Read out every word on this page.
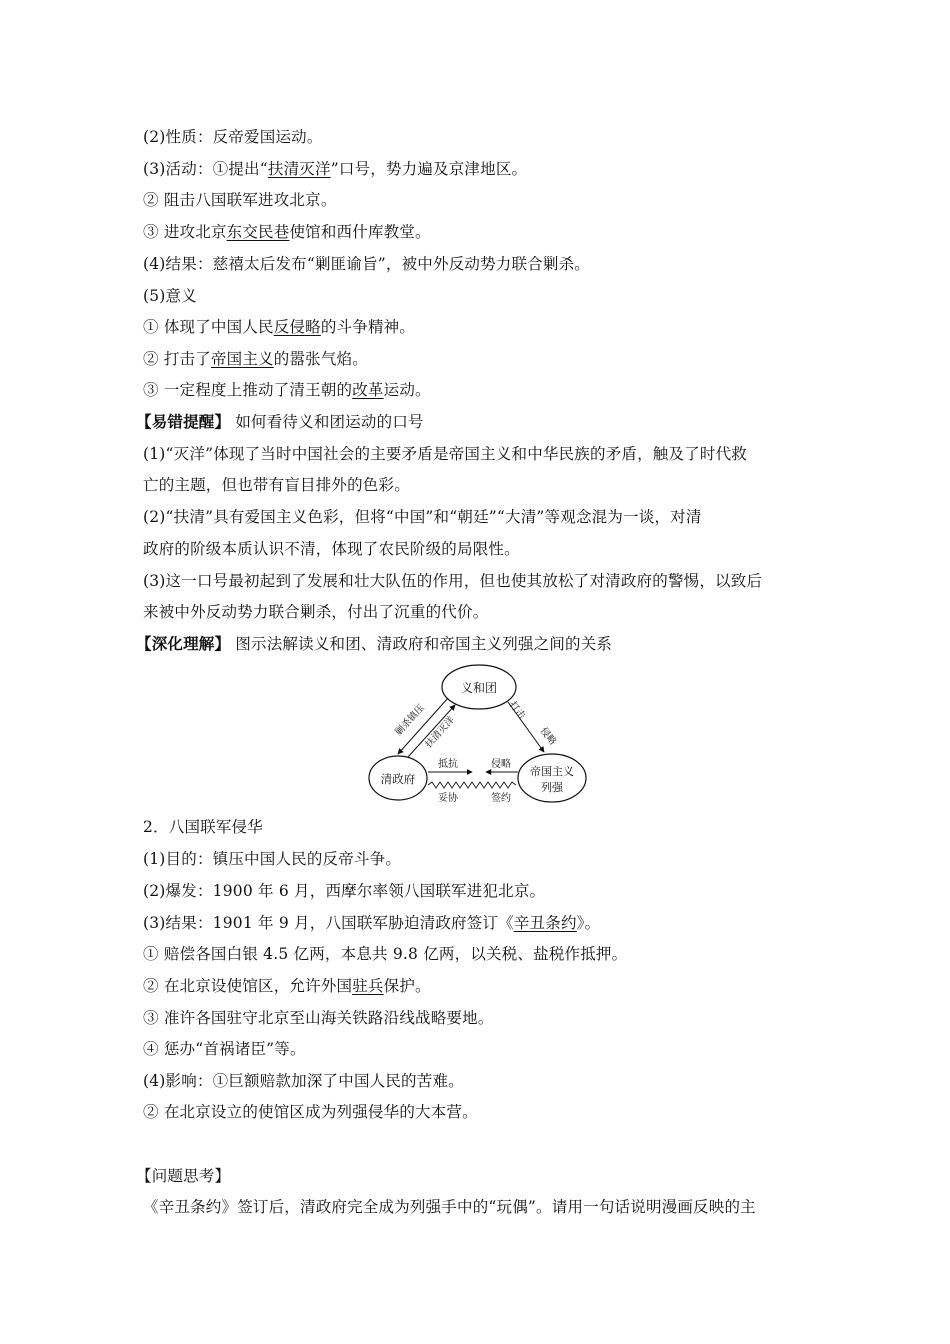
(2)性质：反帝爱国运动。
(3)活动：①提出“扶清灭洋”口号，势力遍及京津地区。
② 阻击八国联军进攻北京。
③ 进攻北京东交民巷使馆和西什库教堂。
(4)结果：慈禧太后发布“剿匪谕旨”，被中外反动势力联合剿杀。
(5)意义
① 体现了中国人民反侵略的斗争精神。
② 打击了帝国主义的嚣张气焰。
③ 一定程度上推动了清王朝的改革运动。
【易错提醒】 如何看待义和团运动的口号
(1)“灭洋”体现了当时中国社会的主要矛盾是帝国主义和中华民族的矛盾，触及了时代救
亡的主题，但也带有盲目排外的色彩。
(2)“扶清”具有爱国主义色彩，但将“中国”和“朝廷”“大清”等观念混为一谈，对清
政府的阶级本质认识不清，体现了农民阶级的局限性。
(3)这一口号最初起到了发展和壮大队伍的作用，但也使其放松了对清政府的警惕，以致后
来被中外反动势力联合剿杀，付出了沉重的代价。
【深化理解】 图示法解读义和团、清政府和帝国主义列强之间的关系
义和团
清政府
帝国主义
列强
剿杀镇压
扶清灭洋
打击
侵略
抵抗	侵略
妥协	签约
2．八国联军侵华
(1)目的：镇压中国人民的反帝斗争。
(2)爆发：1900 年 6 月，西摩尔率领八国联军进犯北京。
(3)结果：1901 年 9 月，八国联军胁迫清政府签订《辛丑条约》。
① 赔偿各国白银 4.5 亿两，本息共 9.8 亿两，以关税、盐税作抵押。
② 在北京设使馆区，允许外国驻兵保护。
③ 准许各国驻守北京至山海关铁路沿线战略要地。
④ 惩办“首祸诸臣”等。
(4)影响：①巨额赔款加深了中国人民的苦难。
② 在北京设立的使馆区成为列强侵华的大本营。
【问题思考】
《辛丑条约》签订后，清政府完全成为列强手中的“玩偶”。请用一句话说明漫画反映的主
